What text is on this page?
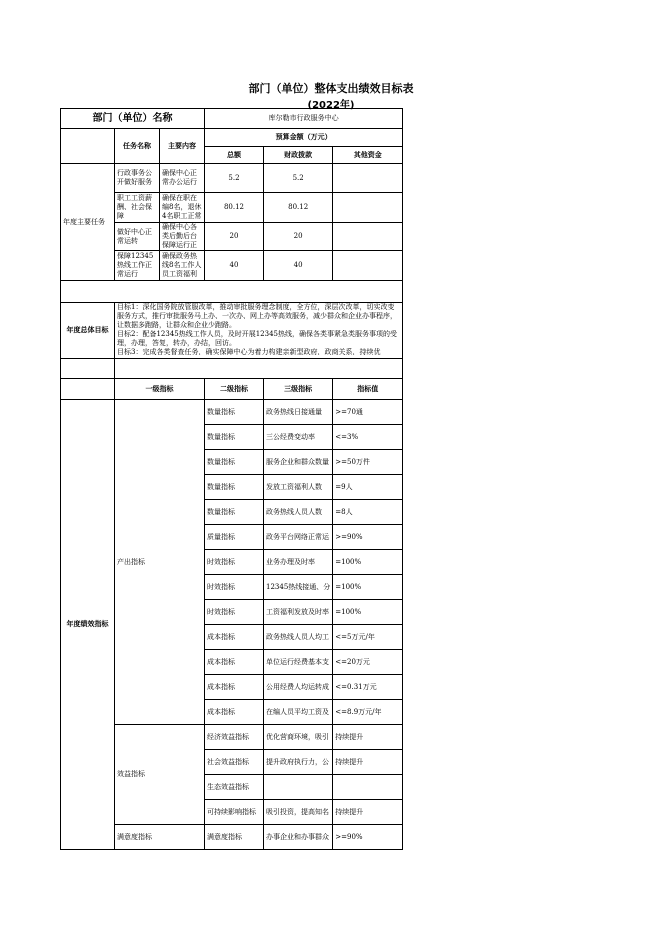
部门（单位）整体支出绩效目标表
(2022年)
部门（单位）名称			库尔勒市行政服务中心		
	任务名称	主要内容	预算金额（万元）		
			总额	财政拨款	其他资金
年度主要任务	行政事务公开做好服务	确保中心正常办公运行	5.2	5.2	
	职工工资薪酬、社会保障	确保在职在编8名，退休4名职工正常	80.12	80.12	
	做好中心正常运转	确保中心各类后勤后台保障运行正	20	20	
	保障12345热线工作正常运行	确保政务热线8名工作人员工资福利	40	40	

年度总体目标	目标1：深化国务院放管服改革，推动审批服务理念制度，全方位，深层次改革，切实改变服务方式，推行审批服务马上办、一次办、网上办等高效服务，减少群众和企业办事程序，让数据多跑路，让群众和企业少跑路。
目标2：配备12345热线工作人员，及时开展12345热线，确保各类事紧急类服务事项的受理，办理，答复，转办，办结，回访。
目标3：完成各类督查任务，确实保障中心为着力构建亲新型政府，政商关系，持续优				

	一级指标		二级指标	三级指标	指标值
年度绩效指标	产出指标		数量指标	政务热线日接通量	>=70通
			数量指标	三公经费变动率	<=3%
			数量指标	服务企业和群众数量	>=50万件
			数量指标	发放工资福利人数	=9人
			数量指标	政务热线人员人数	=8人
			质量指标	政务平台网络正常运	>=90%
			时效指标	业务办理及时率	=100%
			时效指标	12345热线接通、分	=100%
			时效指标	工资福利发放及时率	=100%
			成本指标	政务热线人员人均工	<=5万元/年
			成本指标	单位运行经费基本支	<=20万元
			成本指标	公用经费人均运转成	<=0.31万元
			成本指标	在编人员平均工资及	<=8.9万元/年
	效益指标		经济效益指标	优化营商环境，吸引	持续提升
			社会效益指标	提升政府执行力，公	持续提升
			生态效益指标		
			可持续影响指标	吸引投资，提高知名	持续提升
	满意度指标		满意度指标	办事企业和办事群众	>=90%
